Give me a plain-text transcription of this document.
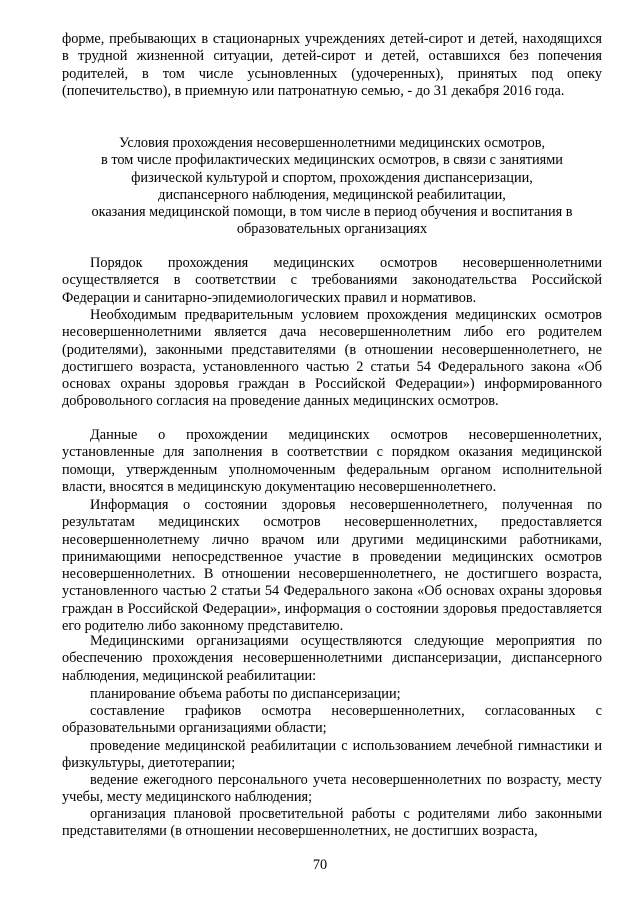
форме, пребывающих в стационарных учреждениях детей-сирот и детей, находящихся в трудной жизненной ситуации, детей-сирот и детей, оставшихся без попечения родителей, в том числе усыновленных (удочеренных), принятых под опеку (попечительство), в приемную или патронатную семью, - до 31 декабря 2016 года.

Условия прохождения несовершеннолетними медицинских осмотров,
в том числе профилактических медицинских осмотров, в связи с занятиями
физической культурой и спортом, прохождения диспансеризации,
диспансерного наблюдения, медицинской реабилитации,
оказания медицинской помощи, в том числе в период обучения и воспитания в
образовательных организациях

Порядок прохождения медицинских осмотров несовершеннолетними осуществляется в соответствии с требованиями законодательства Российской Федерации и санитарно-эпидемиологических правил и нормативов.

Необходимым предварительным условием прохождения медицинских осмотров несовершеннолетними является дача несовершеннолетним либо его родителем (родителями), законными представителями (в отношении несовершеннолетнего, не достигшего возраста, установленного частью 2 статьи 54 Федерального закона «Об основах охраны здоровья граждан в Российской Федерации») информированного добровольного согласия на проведение данных медицинских осмотров.

Данные о прохождении медицинских осмотров несовершеннолетних, установленные для заполнения в соответствии с порядком оказания медицинской помощи, утвержденным уполномоченным федеральным органом исполнительной власти, вносятся в медицинскую документацию несовершеннолетнего.

Информация о состоянии здоровья несовершеннолетнего, полученная по результатам медицинских осмотров несовершеннолетних, предоставляется несовершеннолетнему лично врачом или другими медицинскими работниками, принимающими непосредственное участие в проведении медицинских осмотров несовершеннолетних. В отношении несовершеннолетнего, не достигшего возраста, установленного частью 2 статьи 54 Федерального закона «Об основах охраны здоровья граждан в Российской Федерации», информация о состоянии здоровья предоставляется его родителю либо законному представителю.

Медицинскими организациями осуществляются следующие мероприятия по обеспечению прохождения несовершеннолетними диспансеризации, диспансерного наблюдения, медицинской реабилитации:

планирование объема работы по диспансеризации;

составление графиков осмотра несовершеннолетних, согласованных с образовательными организациями области;

проведение медицинской реабилитации с использованием лечебной гимнастики и физкультуры, диетотерапии;

ведение ежегодного персонального учета несовершеннолетних по возрасту, месту учебы, месту медицинского наблюдения;

организация плановой просветительной работы с родителями либо законными представителями (в отношении несовершеннолетних, не достигших возраста,

70
